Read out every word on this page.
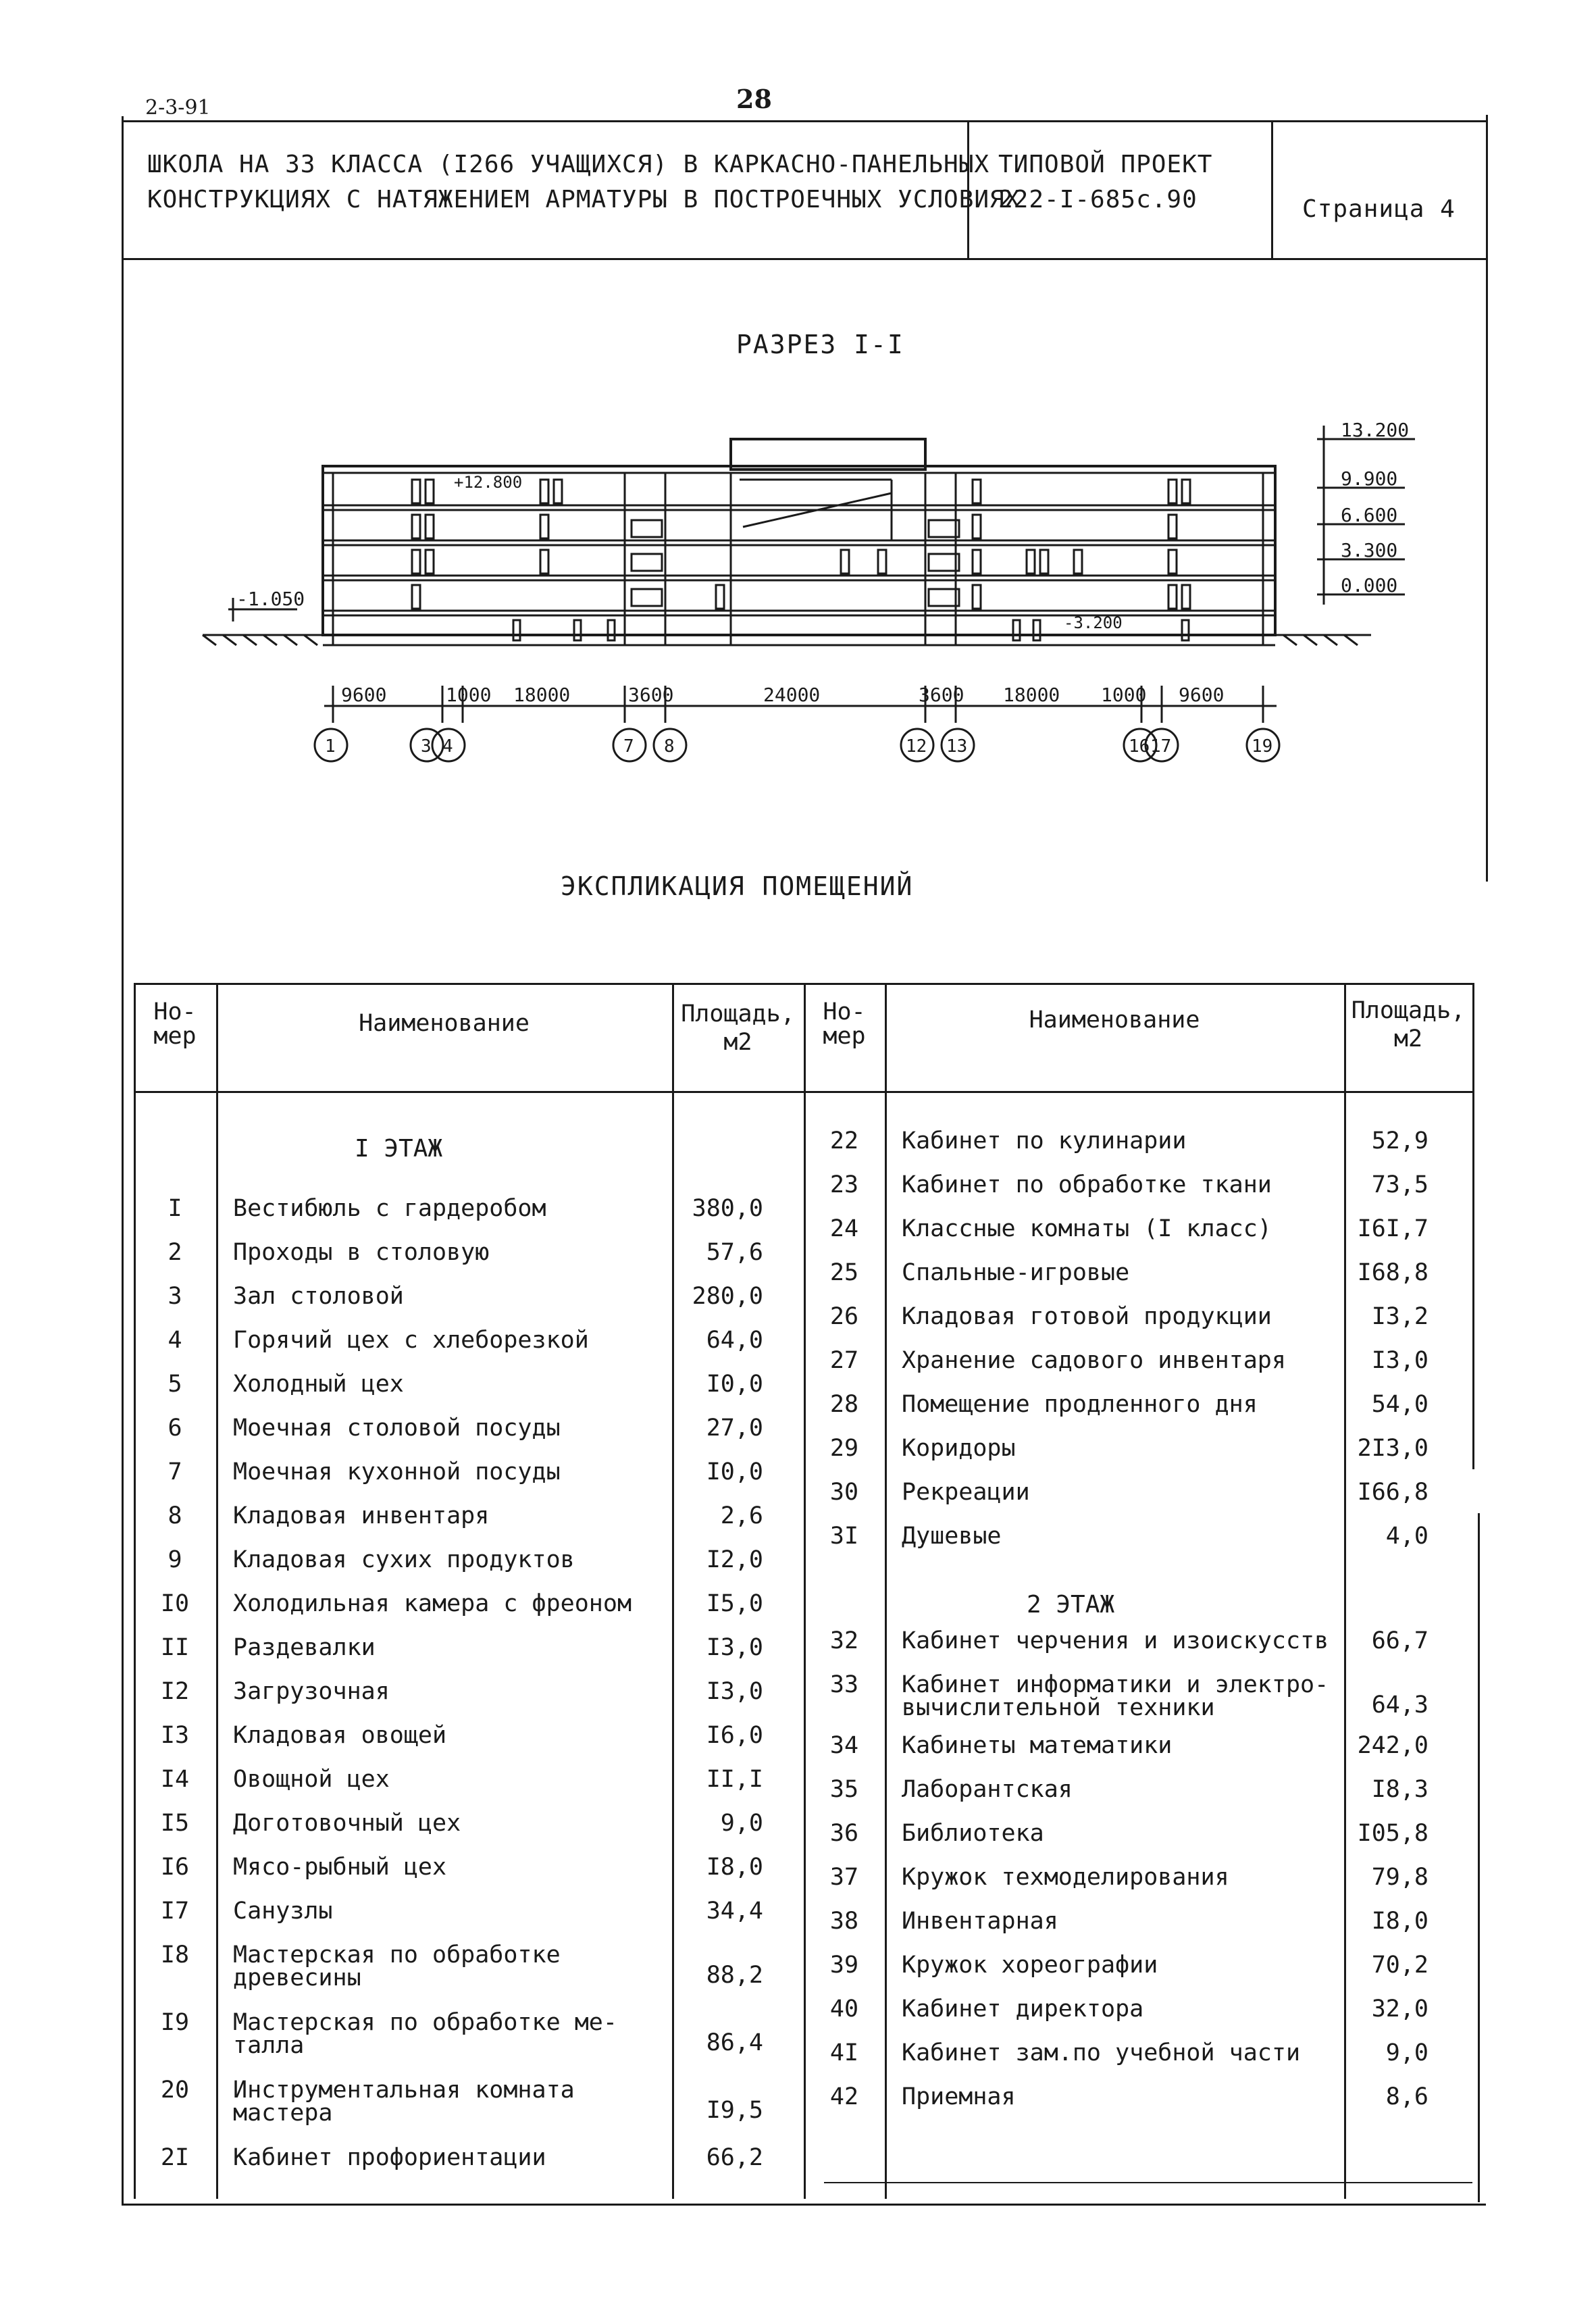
2-3-91	28
ШКОЛА НА 33 КЛАССА (I266 УЧАЩИХСЯ) В КАРКАСНО-ПАНЕЛЬНЫХ
КОНСТРУКЦИЯХ С НАТЯЖЕНИЕМ АРМАТУРЫ В ПОСТРОЕЧНЫХ УСЛОВИЯХ
ТИПОВОЙ ПРОЕКТ
222-I-685с.90	Страница 4
РАЗРЕЗ I-I
13.200
9.900
6.600
3.300
0.000
-1.050
+12.800
-3.200
9600	1000 18000	3600	24000	3600 18000 1000 9600
1	3 4	7 8	12 13	16 17	19
ЭКСПЛИКАЦИЯ ПОМЕЩЕНИЙ
Но-
мер	Наименование	Площадь,
м2
Но-
мер
Наименование	Площадь,
м2
I ЭТАЖ
2 ЭТАЖ
I	Вестибюль с гардеробом	380,0
2	Проходы в столовую	57,6
3	Зал столовой	280,0
4	Горячий цех с хлеборезкой	64,0
5	Холодный цех	I0,0
6	Моечная столовой посуды	27,0
7	Моечная кухонной посуды	I0,0
8	Кладовая инвентаря	2,6
9	Кладовая сухих продуктов	I2,0
I0	Холодильная камера с фреоном	I5,0
II	Раздевалки	I3,0
I2	Загрузочная	I3,0
I3	Кладовая овощей	I6,0
I4	Овощной цех	II,I
I5	Доготовочный цех	9,0
I6	Мясо-рыбный цех	I8,0
I7	Санузлы	34,4
I8	Мастерская по обработке
древесины	88,2
I9	Мастерская по обработке ме-
талла	86,4
20	Инструментальная комната
мастера	I9,5
2I	Кабинет профориентации	66,2
22	Кабинет по кулинарии	52,9
23	Кабинет по обработке ткани	73,5
24	Классные комнаты (I класс)	I6I,7
25	Спальные-игровые	I68,8
26	Кладовая готовой продукции	I3,2
27	Хранение садового инвентаря	I3,0
28	Помещение продленного дня	54,0
29	Коридоры	2I3,0
30	Рекреации	I66,8
3I	Душевые	4,0
32	Кабинет черчения и изоискусств	66,7
33	Кабинет информатики и электро-
вычислительной техники	64,3
34	Кабинеты математики	242,0
35	Лаборантская	I8,3
36	Библиотека	I05,8
37	Кружок техмоделирования	79,8
38	Инвентарная	I8,0
39	Кружок хореографии	70,2
40	Кабинет директора	32,0
4I	Кабинет зам.по учебной части	9,0
42	Приемная	8,6
